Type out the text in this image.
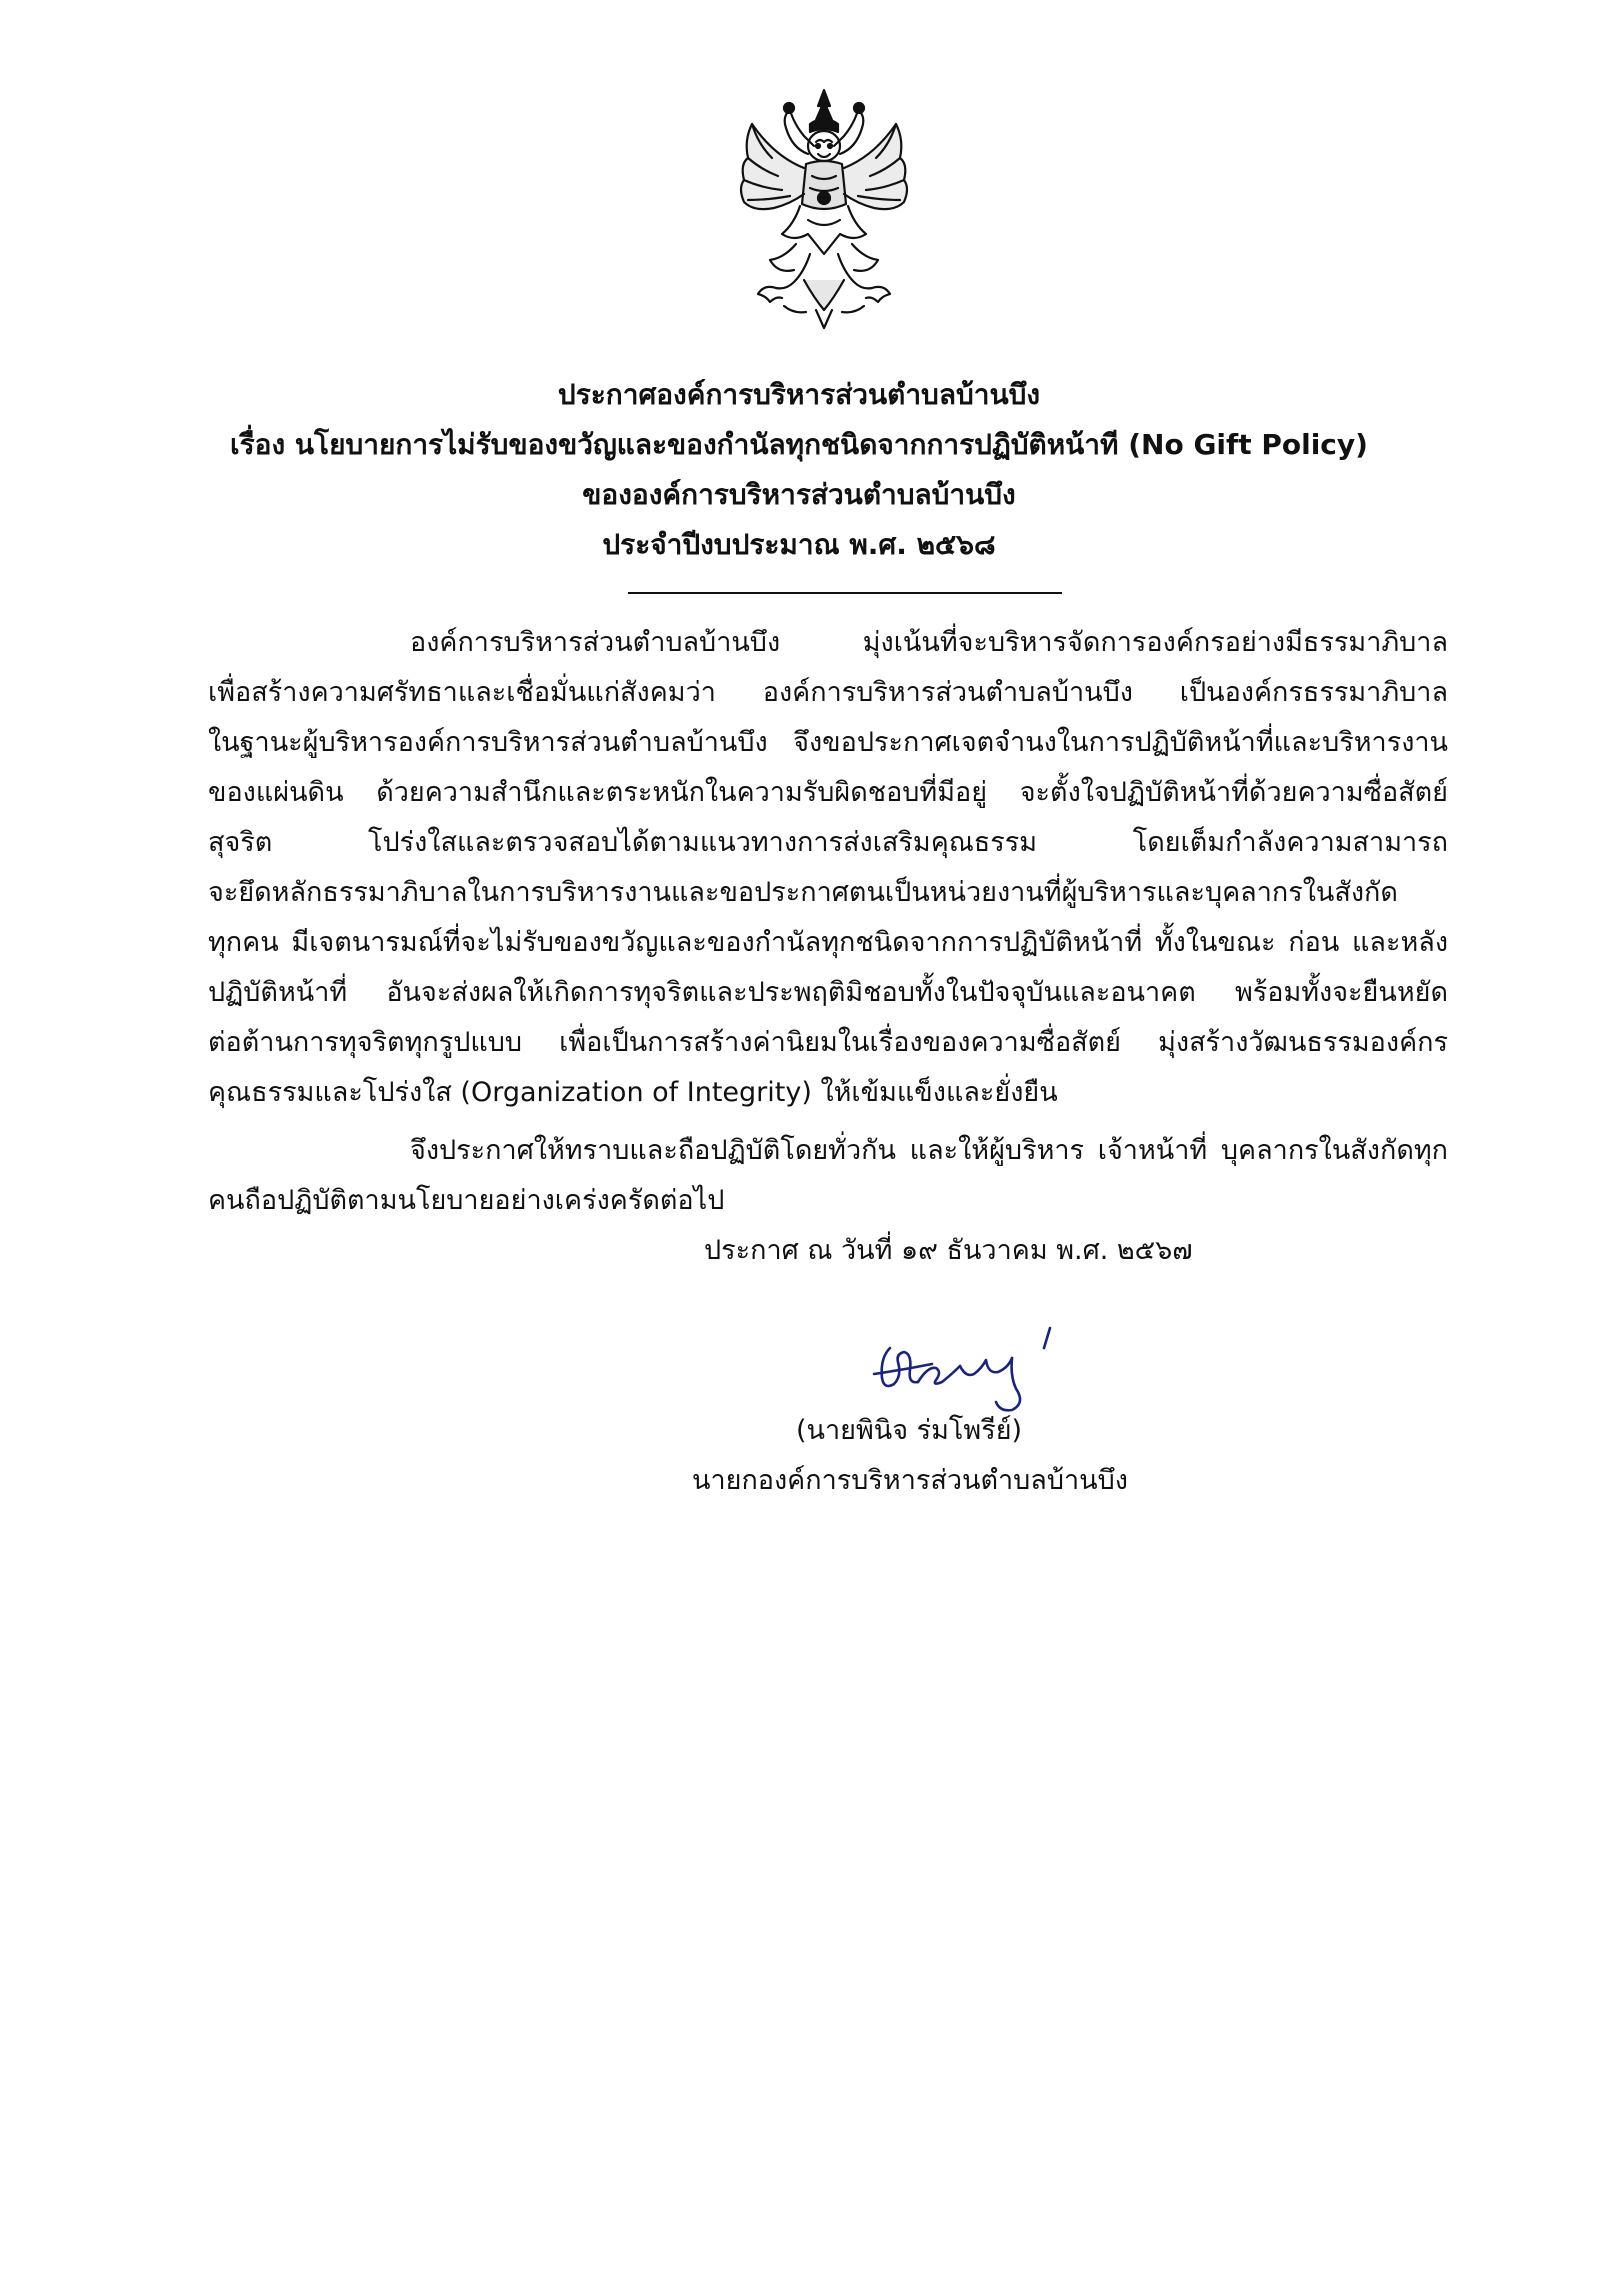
ประกาศองค์การบริหารส่วนตำบลบ้านบึง
เรื่อง นโยบายการไม่รับของขวัญและของกำนัลทุกชนิดจากการปฏิบัติหน้าที (No Gift Policy)
ขององค์การบริหารส่วนตำบลบ้านบึง
ประจำปีงบประมาณ พ.ศ. ๒๕๖๘
องค์การบริหารส่วนตำบลบ้านบึง มุ่งเน้นที่จะบริหารจัดการองค์กรอย่างมีธรรมาภิบาล
เพื่อสร้างความศรัทธาและเชื่อมั่นแก่สังคมว่า องค์การบริหารส่วนตำบลบ้านบึง เป็นองค์กรธรรมาภิบาล
ในฐานะผู้บริหารองค์การบริหารส่วนตำบลบ้านบึง จึงขอประกาศเจตจำนงในการปฏิบัติหน้าที่และบริหารงาน
ของแผ่นดิน ด้วยความสำนึกและตระหนักในความรับผิดชอบที่มีอยู่ จะตั้งใจปฏิบัติหน้าที่ด้วยความซื่อสัตย์
สุจริต โปร่งใสและตรวจสอบได้ตามแนวทางการส่งเสริมคุณธรรม โดยเต็มกำลังความสามารถ
จะยึดหลักธรรมาภิบาลในการบริหารงานและขอประกาศตนเป็นหน่วยงานที่ผู้บริหารและบุคลากรในสังกัด
ทุกคน มีเจตนารมณ์ที่จะไม่รับของขวัญและของกำนัลทุกชนิดจากการปฏิบัติหน้าที่ ทั้งในขณะ ก่อน และหลัง
ปฏิบัติหน้าที่ อันจะส่งผลให้เกิดการทุจริตและประพฤติมิชอบทั้งในปัจจุบันและอนาคต พร้อมทั้งจะยืนหยัด
ต่อต้านการทุจริตทุกรูปแบบ เพื่อเป็นการสร้างค่านิยมในเรื่องของความซื่อสัตย์ มุ่งสร้างวัฒนธรรมองค์กร
คุณธรรมและโปร่งใส (Organization of Integrity) ให้เข้มแข็งและยั่งยืน
จึงประกาศให้ทราบและถือปฏิบัติโดยทั่วกัน และให้ผู้บริหาร เจ้าหน้าที่ บุคลากรในสังกัดทุก
คนถือปฏิบัติตามนโยบายอย่างเคร่งครัดต่อไป
ประกาศ ณ วันที่ ๑๙ ธันวาคม พ.ศ. ๒๕๖๗
(นายพินิจ ร่มโพรีย์)
นายกองค์การบริหารส่วนตำบลบ้านบึง
